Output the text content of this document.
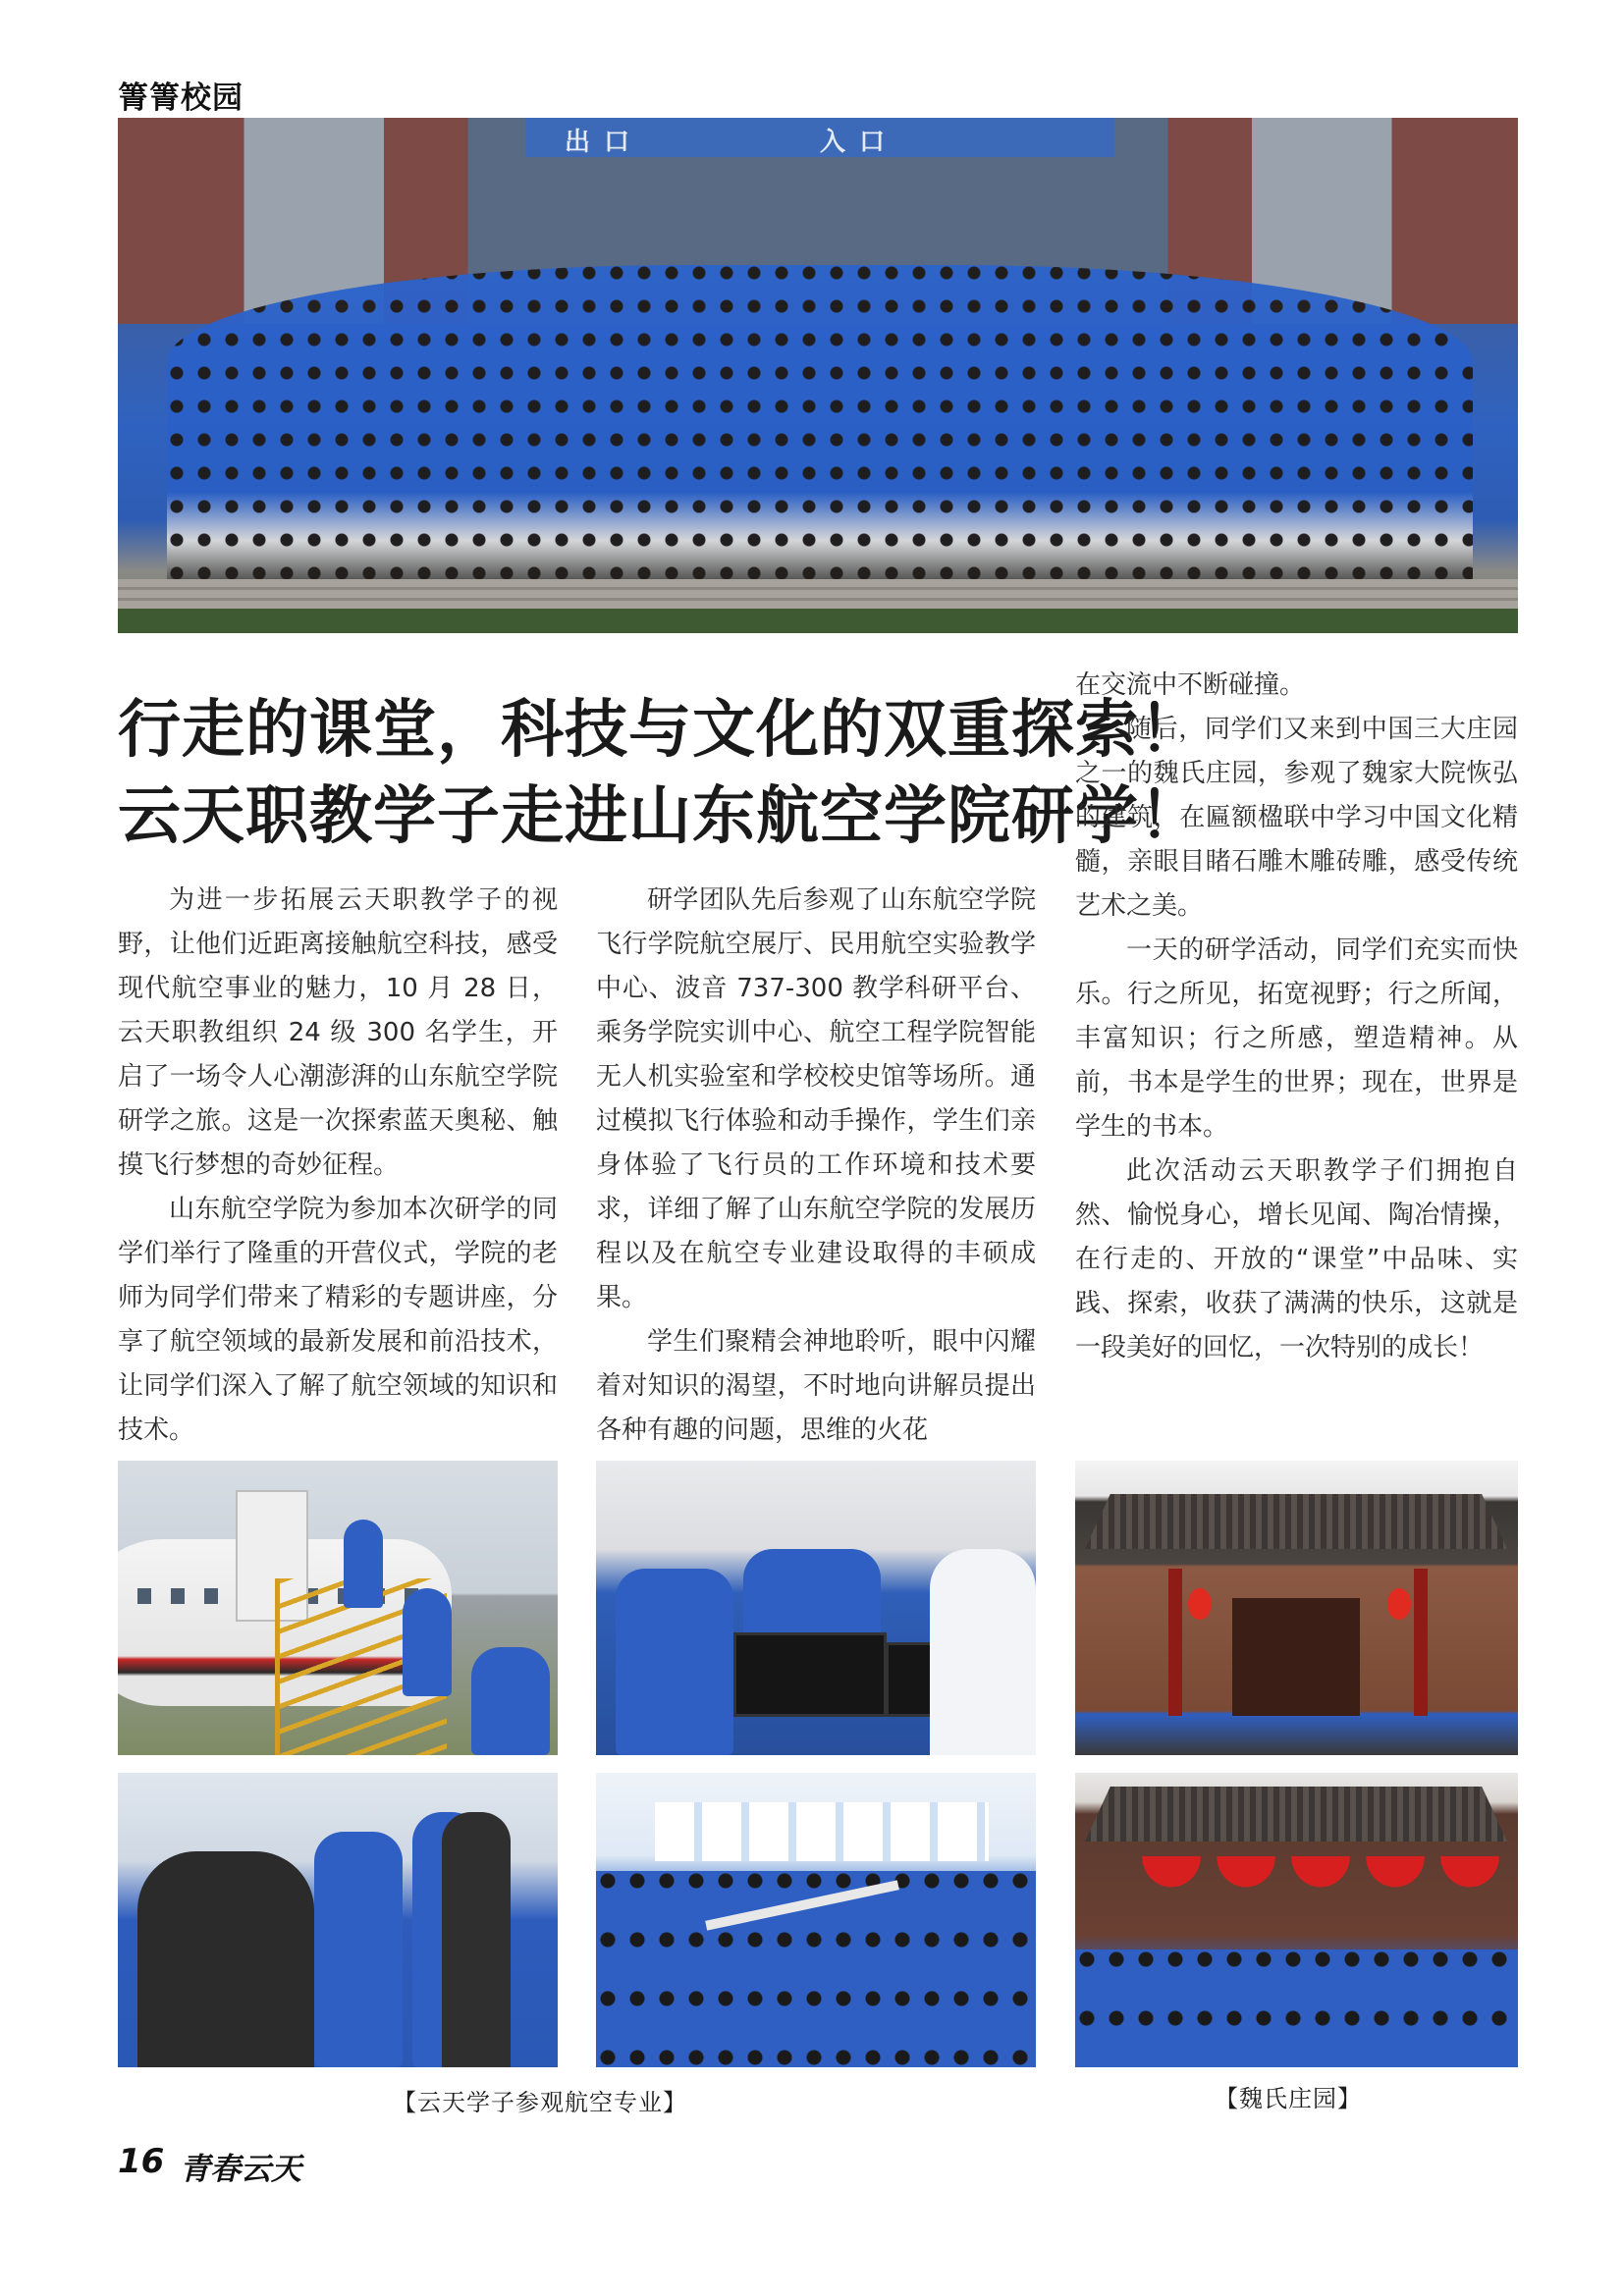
箐箐校园
出口	入口
行走的课堂，科技与文化的双重探索！
云天职教学子走进山东航空学院研学！

为进一步拓展云天职教学子的视野，让他们近距离接触航空科技，感受现代航空事业的魅力，10 月 28 日，云天职教组织 24 级 300 名学生，开启了一场令人心潮澎湃的山东航空学院研学之旅。这是一次探索蓝天奥秘、触摸飞行梦想的奇妙征程。

山东航空学院为参加本次研学的同学们举行了隆重的开营仪式，学院的老师为同学们带来了精彩的专题讲座，分享了航空领域的最新发展和前沿技术，让同学们深入了解了航空领域的知识和技术。

研学团队先后参观了山东航空学院飞行学院航空展厅、民用航空实验教学中心、波音 737-300 教学科研平台、乘务学院实训中心、航空工程学院智能无人机实验室和学校校史馆等场所。通过模拟飞行体验和动手操作，学生们亲身体验了飞行员的工作环境和技术要求，详细了解了山东航空学院的发展历程以及在航空专业建设取得的丰硕成果。

学生们聚精会神地聆听，眼中闪耀着对知识的渴望，不时地向讲解员提出各种有趣的问题，思维的火花

在交流中不断碰撞。

随后，同学们又来到中国三大庄园之一的魏氏庄园，参观了魏家大院恢弘的建筑，在匾额楹联中学习中国文化精髓，亲眼目睹石雕木雕砖雕，感受传统艺术之美。

一天的研学活动，同学们充实而快乐。行之所见，拓宽视野；行之所闻，丰富知识；行之所感，塑造精神。从前，书本是学生的世界；现在，世界是学生的书本。

此次活动云天职教学子们拥抱自然、愉悦身心，增长见闻、陶冶情操，在行走的、开放的“课堂”中品味、实践、探索，收获了满满的快乐，这就是一段美好的回忆，一次特别的成长！

【云天学子参观航空专业】	【魏氏庄园】
16 青春云天
